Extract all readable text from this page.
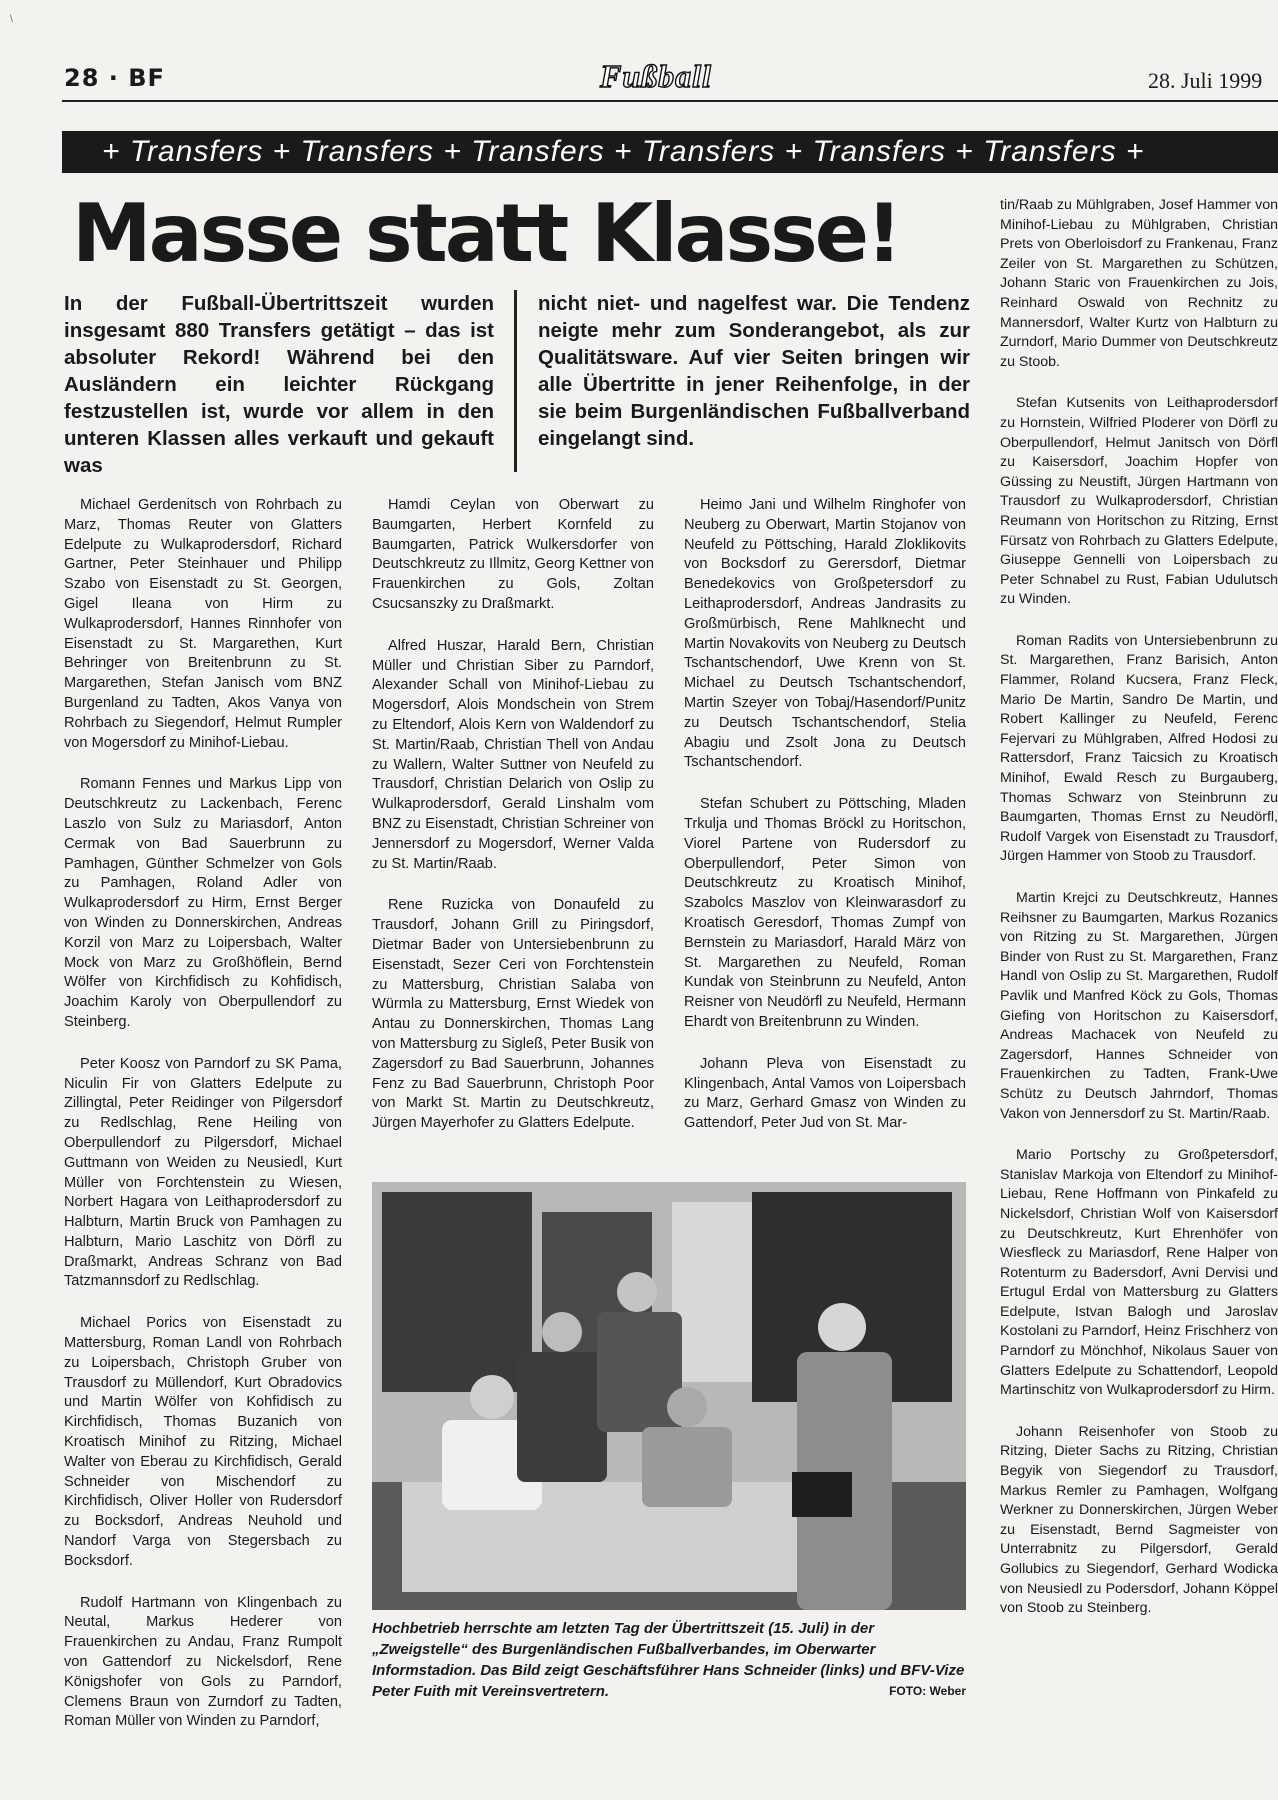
\
28 · BF	Fußball	28. Juli 1999
+ Transfers + Transfers + Transfers + Transfers + Transfers + Transfers +
Masse statt Klasse!
In der Fußball-Übertrittszeit wurden insgesamt 880 Transfers getätigt – das ist absoluter Rekord! Während bei den Ausländern ein leichter Rückgang festzustellen ist, wurde vor allem in den unteren Klassen alles verkauft und gekauft was
nicht niet- und nagelfest war. Die Tendenz neigte mehr zum Sonderangebot, als zur Qualitätsware. Auf vier Seiten bringen wir alle Übertritte in jener Reihenfolge, in der sie beim Burgenländischen Fußballverband eingelangt sind.

Michael Gerdenitsch von Rohrbach zu Marz, Thomas Reuter von Glatters Edelpute zu Wulkaprodersdorf, Richard Gartner, Peter Steinhauer und Philipp Szabo von Eisenstadt zu St. Georgen, Gigel Ileana von Hirm zu Wulkaprodersdorf, Hannes Rinnhofer von Eisenstadt zu St. Margarethen, Kurt Behringer von Breitenbrunn zu St. Margarethen, Stefan Janisch vom BNZ Burgenland zu Tadten, Akos Vanya von Rohrbach zu Siegendorf, Helmut Rumpler von Mogersdorf zu Minihof-Liebau.

Romann Fennes und Markus Lipp von Deutschkreutz zu Lackenbach, Ferenc Laszlo von Sulz zu Mariasdorf, Anton Cermak von Bad Sauerbrunn zu Pamhagen, Günther Schmelzer von Gols zu Pamhagen, Roland Adler von Wulkaprodersdorf zu Hirm, Ernst Berger von Winden zu Donnerskirchen, Andreas Korzil von Marz zu Loipersbach, Walter Mock von Marz zu Großhöflein, Bernd Wölfer von Kirchfidisch zu Kohfidisch, Joachim Karoly von Oberpullendorf zu Steinberg.

Peter Koosz von Parndorf zu SK Pama, Niculin Fir von Glatters Edelpute zu Zillingtal, Peter Reidinger von Pilgersdorf zu Redlschlag, Rene Heiling von Oberpullendorf zu Pilgersdorf, Michael Guttmann von Weiden zu Neusiedl, Kurt Müller von Forchtenstein zu Wiesen, Norbert Hagara von Leithaprodersdorf zu Halbturn, Martin Bruck von Pamhagen zu Halbturn, Mario Laschitz von Dörfl zu Draßmarkt, Andreas Schranz von Bad Tatzmannsdorf zu Redlschlag.

Michael Porics von Eisenstadt zu Mattersburg, Roman Landl von Rohrbach zu Loipersbach, Christoph Gruber von Trausdorf zu Müllendorf, Kurt Obradovics und Martin Wölfer von Kohfidisch zu Kirchfidisch, Thomas Buzanich von Kroatisch Minihof zu Ritzing, Michael Walter von Eberau zu Kirchfidisch, Gerald Schneider von Mischendorf zu Kirchfidisch, Oliver Holler von Rudersdorf zu Bocksdorf, Andreas Neuhold und Nandorf Varga von Stegersbach zu Bocksdorf.

Rudolf Hartmann von Klingenbach zu Neutal, Markus Hederer von Frauenkirchen zu Andau, Franz Rumpolt von Gattendorf zu Nickelsdorf, Rene Königshofer von Gols zu Parndorf, Clemens Braun von Zurndorf zu Tadten, Roman Müller von Winden zu Parndorf,

Hamdi Ceylan von Oberwart zu Baumgarten, Herbert Kornfeld zu Baumgarten, Patrick Wulkersdorfer von Deutschkreutz zu Illmitz, Georg Kettner von Frauenkirchen zu Gols, Zoltan Csucsanszky zu Draßmarkt.

Alfred Huszar, Harald Bern, Christian Müller und Christian Siber zu Parndorf, Alexander Schall von Minihof-Liebau zu Mogersdorf, Alois Mondschein von Strem zu Eltendorf, Alois Kern von Waldendorf zu St. Martin/Raab, Christian Thell von Andau zu Wallern, Walter Suttner von Neufeld zu Trausdorf, Christian Delarich von Oslip zu Wulkaprodersdorf, Gerald Linshalm vom BNZ zu Eisenstadt, Christian Schreiner von Jennersdorf zu Mogersdorf, Werner Valda zu St. Martin/Raab.

Rene Ruzicka von Donaufeld zu Trausdorf, Johann Grill zu Piringsdorf, Dietmar Bader von Untersiebenbrunn zu Eisenstadt, Sezer Ceri von Forchtenstein zu Mattersburg, Christian Salaba von Würmla zu Mattersburg, Ernst Wiedek von Antau zu Donnerskirchen, Thomas Lang von Mattersburg zu Sigleß, Peter Busik von Zagersdorf zu Bad Sauerbrunn, Johannes Fenz zu Bad Sauerbrunn, Christoph Poor von Markt St. Martin zu Deutschkreutz, Jürgen Mayerhofer zu Glatters Edelpute.

Heimo Jani und Wilhelm Ringhofer von Neuberg zu Oberwart, Martin Stojanov von Neufeld zu Pöttsching, Harald Zloklikovits von Bocksdorf zu Gerersdorf, Dietmar Benedekovics von Großpetersdorf zu Leithaprodersdorf, Andreas Jandrasits zu Großmürbisch, Rene Mahlknecht und Martin Novakovits von Neuberg zu Deutsch Tschantschendorf, Uwe Krenn von St. Michael zu Deutsch Tschantschendorf, Martin Szeyer von Tobaj/Hasendorf/Punitz zu Deutsch Tschantschendorf, Stelia Abagiu und Zsolt Jona zu Deutsch Tschantschendorf.

Stefan Schubert zu Pöttsching, Mladen Trkulja und Thomas Bröckl zu Horitschon, Viorel Partene von Rudersdorf zu Oberpullendorf, Peter Simon von Deutschkreutz zu Kroatisch Minihof, Szabolcs Maszlov von Kleinwarasdorf zu Kroatisch Geresdorf, Thomas Zumpf von Bernstein zu Mariasdorf, Harald März von St. Margarethen zu Neufeld, Roman Kundak von Steinbrunn zu Neufeld, Anton Reisner von Neudörfl zu Neufeld, Hermann Ehardt von Breitenbrunn zu Winden.

Johann Pleva von Eisenstadt zu Klingenbach, Antal Vamos von Loipersbach zu Marz, Gerhard Gmasz von Winden zu Gattendorf, Peter Jud von St. Mar-

tin/Raab zu Mühlgraben, Josef Hammer von Minihof-Liebau zu Mühlgraben, Christian Prets von Oberloisdorf zu Frankenau, Franz Zeiler von St. Margarethen zu Schützen, Johann Staric von Frauenkirchen zu Jois, Reinhard Oswald von Rechnitz zu Mannersdorf, Walter Kurtz von Halbturn zu Zurndorf, Mario Dummer von Deutschkreutz zu Stoob.

Stefan Kutsenits von Leithaprodersdorf zu Hornstein, Wilfried Ploderer von Dörfl zu Oberpullendorf, Helmut Janitsch von Dörfl zu Kaisersdorf, Joachim Hopfer von Güssing zu Neustift, Jürgen Hartmann von Trausdorf zu Wulkaprodersdorf, Christian Reumann von Horitschon zu Ritzing, Ernst Fürsatz von Rohrbach zu Glatters Edelpute, Giuseppe Gennelli von Loipersbach zu Peter Schnabel zu Rust, Fabian Udulutsch zu Winden.

Roman Radits von Untersiebenbrunn zu St. Margarethen, Franz Barisich, Anton Flammer, Roland Kucsera, Franz Fleck, Mario De Martin, Sandro De Martin, und Robert Kallinger zu Neufeld, Ferenc Fejervari zu Mühlgraben, Alfred Hodosi zu Rattersdorf, Franz Taicsich zu Kroatisch Minihof, Ewald Resch zu Burgauberg, Thomas Schwarz von Steinbrunn zu Baumgarten, Thomas Ernst zu Neudörfl, Rudolf Vargek von Eisenstadt zu Trausdorf, Jürgen Hammer von Stoob zu Trausdorf.

Martin Krejci zu Deutschkreutz, Hannes Reihsner zu Baumgarten, Markus Rozanics von Ritzing zu St. Margarethen, Jürgen Binder von Rust zu St. Margarethen, Franz Handl von Oslip zu St. Margarethen, Rudolf Pavlik und Manfred Köck zu Gols, Thomas Giefing von Horitschon zu Kaisersdorf, Andreas Machacek von Neufeld zu Zagersdorf, Hannes Schneider von Frauenkirchen zu Tadten, Frank-Uwe Schütz zu Deutsch Jahrndorf, Thomas Vakon von Jennersdorf zu St. Martin/Raab.

Mario Portschy zu Großpetersdorf, Stanislav Markoja von Eltendorf zu Minihof-Liebau, Rene Hoffmann von Pinkafeld zu Nickelsdorf, Christian Wolf von Kaisersdorf zu Deutschkreutz, Kurt Ehrenhöfer von Wiesfleck zu Mariasdorf, Rene Halper von Rotenturm zu Badersdorf, Avni Dervisi und Ertugul Erdal von Mattersburg zu Glatters Edelpute, Istvan Balogh und Jaroslav Kostolani zu Parndorf, Heinz Frischherz von Parndorf zu Mönchhof, Nikolaus Sauer von Glatters Edelpute zu Schattendorf, Leopold Martinschitz von Wulkaprodersdorf zu Hirm.

Johann Reisenhofer von Stoob zu Ritzing, Dieter Sachs zu Ritzing, Christian Begyik von Siegendorf zu Trausdorf, Markus Remler zu Pamhagen, Wolfgang Werkner zu Donnerskirchen, Jürgen Weber zu Eisenstadt, Bernd Sagmeister von Unterrabnitz zu Pilgersdorf, Gerald Gollubics zu Siegendorf, Gerhard Wodicka von Neusiedl zu Podersdorf, Johann Köppel von Stoob zu Steinberg.

Hochbetrieb herrschte am letzten Tag der Übertrittszeit (15. Juli) in der „Zweigstelle“ des Burgenländischen Fußballverbandes, im Oberwarter Informstadion. Das Bild zeigt Geschäftsführer Hans Schneider (links) und BFV-Vize Peter Fuith mit Vereinsvertretern.	FOTO: Weber
